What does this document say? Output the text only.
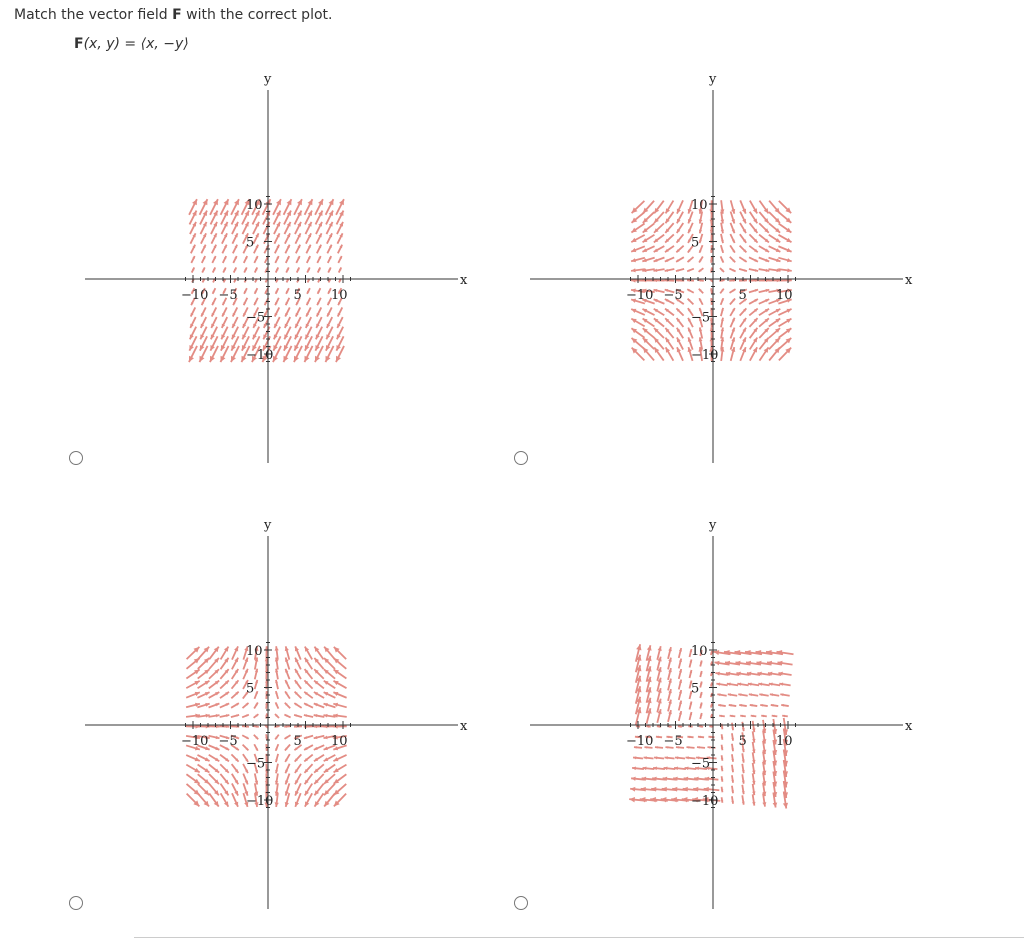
Match the vector field F with the correct plot.
F(x, y) = ⟨x, −y⟩
x
y
−10 −5	5 10
10
5
−5
−10
x
y
−10 −5	5 10
10
5
−5
−10
x
y
−10 −5	5 10
10
5
−5
−10
x
y
−10 −5	5 10
10
5
−5
−10
